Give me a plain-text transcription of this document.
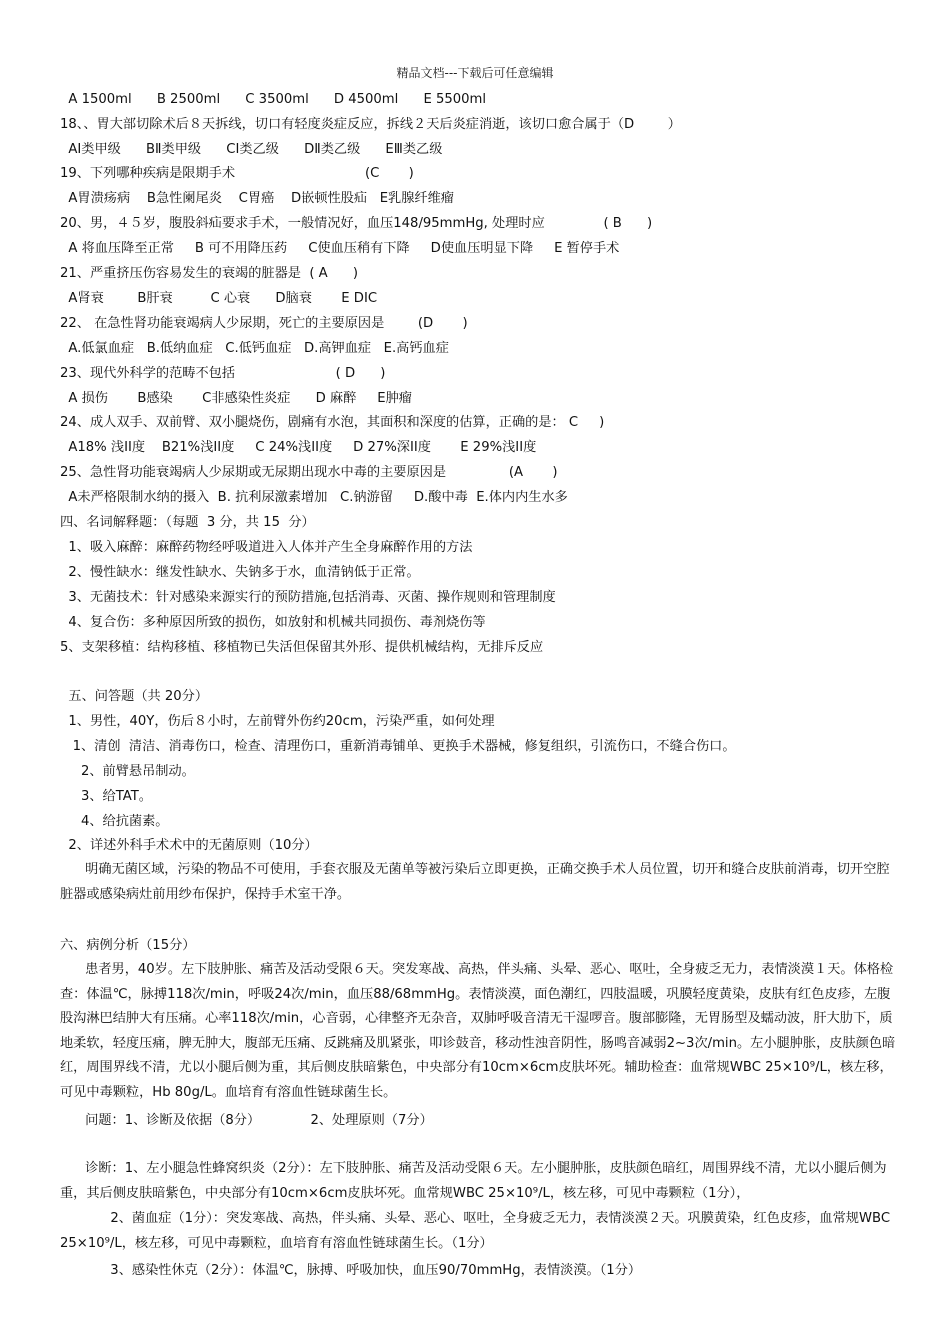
精品文档---下载后可任意编辑
A 1500ml      B 2500ml      C 3500ml      D 4500ml      E 5500ml
18、、胃大部切除术后８天拆线，切口有轻度炎症反应，拆线２天后炎症消逝，该切口愈合属于（D        ）
AⅠ类甲级      BⅡ类甲级      CⅠ类乙级      DⅡ类乙级      EⅢ类乙级
19、下列哪种疾病是限期手术                               (C       )
A胃溃疡病    B急性阑尾炎    C胃癌    D嵌顿性股疝   E乳腺纤维瘤
20、男，４５岁，腹股斜疝要求手术，一般情况好，血压148/95mmHg, 处理时应              ( B      )
A 将血压降至正常     B 可不用降压药     C使血压稍有下降     D使血压明显下降     E 暂停手术
21、严重挤压伤容易发生的衰竭的脏器是  ( A      )
A肾衰        B肝衰         C 心衰      D脑衰       E DIC
22、 在急性肾功能衰竭病人少尿期，死亡的主要原因是        (D       )
A.低氯血症   B.低纳血症   C.低钙血症   D.高钾血症   E.高钙血症
23、现代外科学的范畴不包括                        ( D      )
A 损伤       B感染       C非感染性炎症      D 麻醉     E肿瘤
24、成人双手、双前臂、双小腿烧伤，剧痛有水泡，其面积和深度的估算，正确的是： C     )
A18% 浅II度    B21%浅II度     C 24%浅II度     D 27%深II度       E 29%浅II度
25、急性肾功能衰竭病人少尿期或无尿期出现水中毒的主要原因是               (A       )
A未严格限制水纳的摄入  B. 抗利尿激素增加   C.钠游留     D.酸中毒  E.体内内生水多
四、名词解释题：（每题  3 分，共 15  分）
1、吸入麻醉：麻醉药物经呼吸道进入人体并产生全身麻醉作用的方法
2、慢性缺水：继发性缺水、失钠多于水，血清钠低于正常。
3、无菌技术：针对感染来源实行的预防措施,包括消毒、灭菌、操作规则和管理制度
4、复合伤：多种原因所致的损伤，如放射和机械共同损伤、毒剂烧伤等
5、支架移植：结构移植、移植物已失活但保留其外形、提供机械结构，无排斥反应
五、问答题（共 20分）
1、男性，40Y，伤后８小时，左前臂外伤约20cm，污染严重，如何处理
1、清创  清洁、消毒伤口，检查、清理伤口，重新消毒铺单、更换手术器械，修复组织，引流伤口，不缝合伤口。
2、前臂悬吊制动。
3、给TAT。
4、给抗菌素。
2、详述外科手术术中的无菌原则（10分）
明确无菌区域，污染的物品不可使用，手套衣服及无菌单等被污染后立即更换，正确交换手术人员位置，切开和缝合皮肤前消毒，切开空腔脏器或感染病灶前用纱布保护，保持手术室干净。
六、病例分析（15分）
患者男，40岁。左下肢肿胀、痛苦及活动受限６天。突发寒战、高热，伴头痛、头晕、恶心、呕吐，全身疲乏无力，表情淡漠１天。体格检查：体温℃，脉搏118次/min，呼吸24次/min，血压88/68mmHg。表情淡漠，面色潮红，四肢温暖，巩膜轻度黄染，皮肤有红色皮疹，左腹股沟淋巴结肿大有压痛。心率118次/min，心音弱，心律整齐无杂音，双肺呼吸音清无干湿啰音。腹部膨隆，无胃肠型及蠕动波，肝大肋下，质地柔软，轻度压痛，脾无肿大，腹部无压痛、反跳痛及肌紧张，叩诊鼓音，移动性浊音阴性，肠鸣音减弱2~3次/min。左小腿肿胀，皮肤颜色暗红，周围界线不清，尤以小腿后侧为重，其后侧皮肤暗紫色，中央部分有10cm×6cm皮肤坏死。辅助检查：血常规WBC 25×10⁹/L，核左移，可见中毒颗粒，Hb 80g/L。血培育有溶血性链球菌生长。
问题：1、诊断及依据（8分）            2、处理原则（7分）
诊断：1、左小腿急性蜂窝织炎（2分）：左下肢肿胀、痛苦及活动受限６天。左小腿肿胀，皮肤颜色暗红，周围界线不清，尤以小腿后侧为重，其后侧皮肤暗紫色，中央部分有10cm×6cm皮肤坏死。血常规WBC 25×10⁹/L，核左移，可见中毒颗粒（1分），
2、菌血症（1分）：突发寒战、高热，伴头痛、头晕、恶心、呕吐，全身疲乏无力，表情淡漠２天。巩膜黄染，红色皮疹，血常规WBC 25×10⁹/L，核左移，可见中毒颗粒，血培育有溶血性链球菌生长。（1分）
3、感染性休克（2分）：体温℃，脉搏、呼吸加快，血压90/70mmHg，表情淡漠。（1分）
